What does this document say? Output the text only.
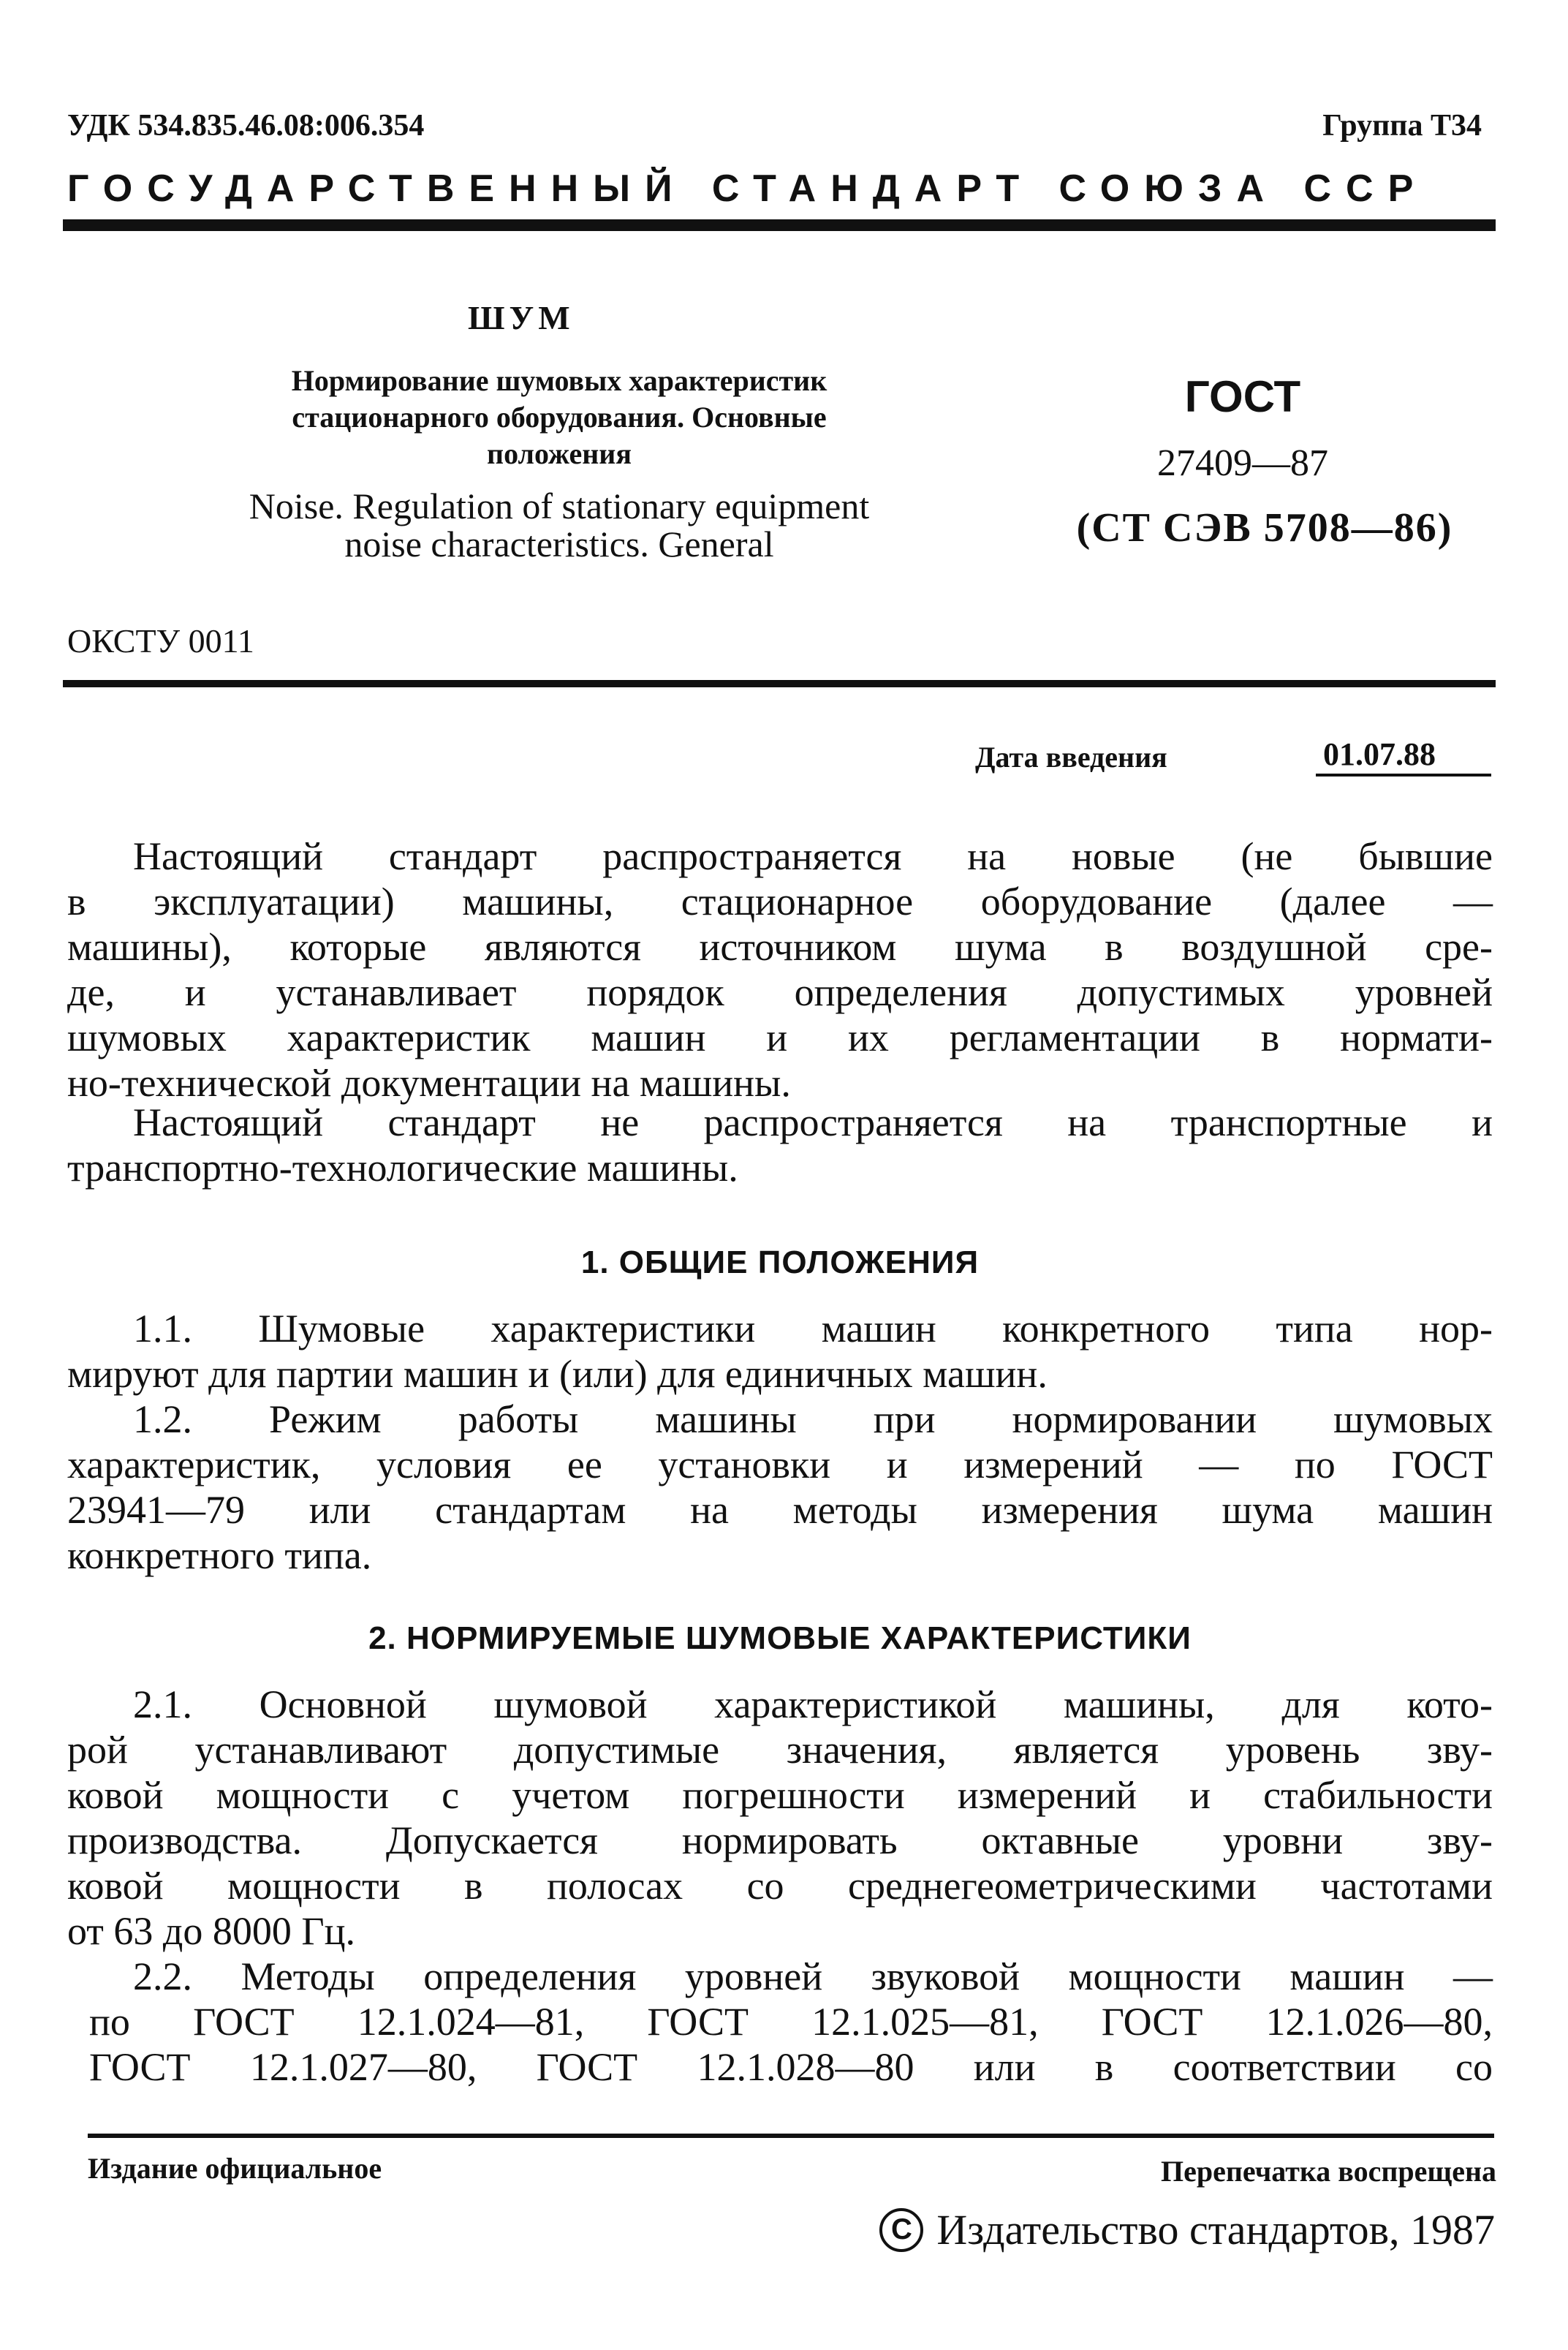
УДК 534.835.46.08:006.354	Группа Т34
ГОСУДАРСТВЕННЫЙ СТАНДАРТ СОЮЗА ССР
ШУМ
Нормирование шумовых характеристик
стационарного оборудования. Основные
положения
Noise. Regulation of stationary equipment
noise characteristics. General
ГОСТ
27409—87
(СТ СЭВ 5708—86)
ОКСТУ 0011
Дата введения	01.07.88
Настоящий стандарт распространяется на новые (не бывшие
в эксплуатации) машины, стационарное оборудование (далее —
машины), которые являются источником шума в воздушной сре-
де, и устанавливает порядок определения допустимых уровней
шумовых характеристик машин и их регламентации в нормати-
но-технической документации на машины.
Настоящий стандарт не распространяется на транспортные и
транспортно-технологические машины.
1. ОБЩИЕ ПОЛОЖЕНИЯ
1.1. Шумовые характеристики машин конкретного типа нор-
мируют для партии машин и (или) для единичных машин.
1.2. Режим работы машины при нормировании шумовых
характеристик, условия ее установки и измерений — по ГОСТ
23941—79 или стандартам на методы измерения шума машин
конкретного типа.
2. НОРМИРУЕМЫЕ ШУМОВЫЕ ХАРАКТЕРИСТИКИ
2.1. Основной шумовой характеристикой машины, для кото-
рой устанавливают допустимые значения, является уровень зву-
ковой мощности с учетом погрешности измерений и стабильности
производства. Допускается нормировать октавные уровни зву-
ковой мощности в полосах со среднегеометрическими частотами
от 63 до 8000 Гц.
2.2. Методы определения уровней звуковой мощности машин —
по ГОСТ 12.1.024—81, ГОСТ 12.1.025—81, ГОСТ 12.1.026—80,
ГОСТ 12.1.027—80, ГОСТ 12.1.028—80 или в соответствии со
Издание официальное	Перепечатка воспрещена
C Издательство стандартов, 1987
